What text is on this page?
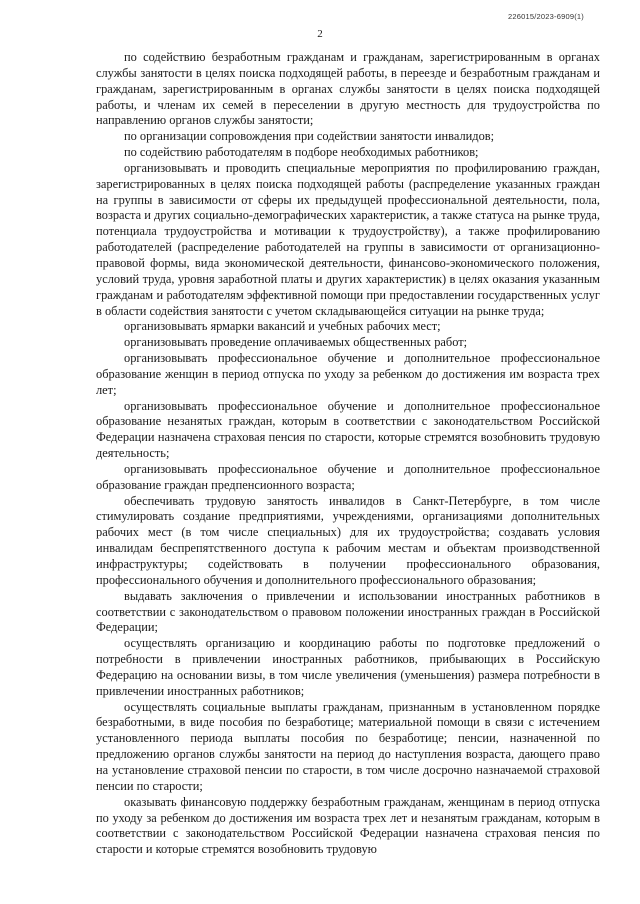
2
226015/2023-6909(1)

по содействию безработным гражданам и гражданам, зарегистрированным в органах службы занятости в целях поиска подходящей работы, в переезде и безработным гражданам и гражданам, зарегистрированным в органах службы занятости в целях поиска подходящей работы, и членам их семей в переселении в другую местность для трудоустройства по направлению органов службы занятости;

по организации сопровождения при содействии занятости инвалидов;

по содействию работодателям в подборе необходимых работников;

организовывать и проводить специальные мероприятия по профилированию граждан, зарегистрированных в целях поиска подходящей работы (распределение указанных граждан на группы в зависимости от сферы их предыдущей профессиональной деятельности, пола, возраста и других социально-демографических характеристик, а также статуса на рынке труда, потенциала трудоустройства и мотивации к трудоустройству), а также профилированию работодателей (распределение работодателей на группы в зависимости от организационно-правовой формы, вида экономической деятельности, финансово-экономического положения, условий труда, уровня заработной платы и других характеристик) в целях оказания указанным гражданам и работодателям эффективной помощи при предоставлении государственных услуг в области содействия занятости с учетом складывающейся ситуации на рынке труда;

организовывать ярмарки вакансий и учебных рабочих мест;

организовывать проведение оплачиваемых общественных работ;

организовывать профессиональное обучение и дополнительное профессиональное образование женщин в период отпуска по уходу за ребенком до достижения им возраста трех лет;

организовывать профессиональное обучение и дополнительное профессиональное образование незанятых граждан, которым в соответствии с законодательством Российской Федерации назначена страховая пенсия по старости, которые стремятся возобновить трудовую деятельность;

организовывать профессиональное обучение и дополнительное профессиональное образование граждан предпенсионного возраста;

обеспечивать трудовую занятость инвалидов в Санкт-Петербурге, в том числе стимулировать создание предприятиями, учреждениями, организациями дополнительных рабочих мест (в том числе специальных) для их трудоустройства; создавать условия инвалидам беспрепятственного доступа к рабочим местам и объектам производственной инфраструктуры; содействовать в получении профессионального образования, профессионального обучения и дополнительного профессионального образования;

выдавать заключения о привлечении и использовании иностранных работников в соответствии с законодательством о правовом положении иностранных граждан в Российской Федерации;

осуществлять организацию и координацию работы по подготовке предложений о потребности в привлечении иностранных работников, прибывающих в Российскую Федерацию на основании визы, в том числе увеличения (уменьшения) размера потребности в привлечении иностранных работников;

осуществлять социальные выплаты гражданам, признанным в установленном порядке безработными, в виде пособия по безработице; материальной помощи в связи с истечением установленного периода выплаты пособия по безработице; пенсии, назначенной по предложению органов службы занятости на период до наступления возраста, дающего право на установление страховой пенсии по старости, в том числе досрочно назначаемой страховой пенсии по старости;

оказывать финансовую поддержку безработным гражданам, женщинам в период отпуска по уходу за ребенком до достижения им возраста трех лет и незанятым гражданам, которым в соответствии с законодательством Российской Федерации назначена страховая пенсия по старости и которые стремятся возобновить трудовую
